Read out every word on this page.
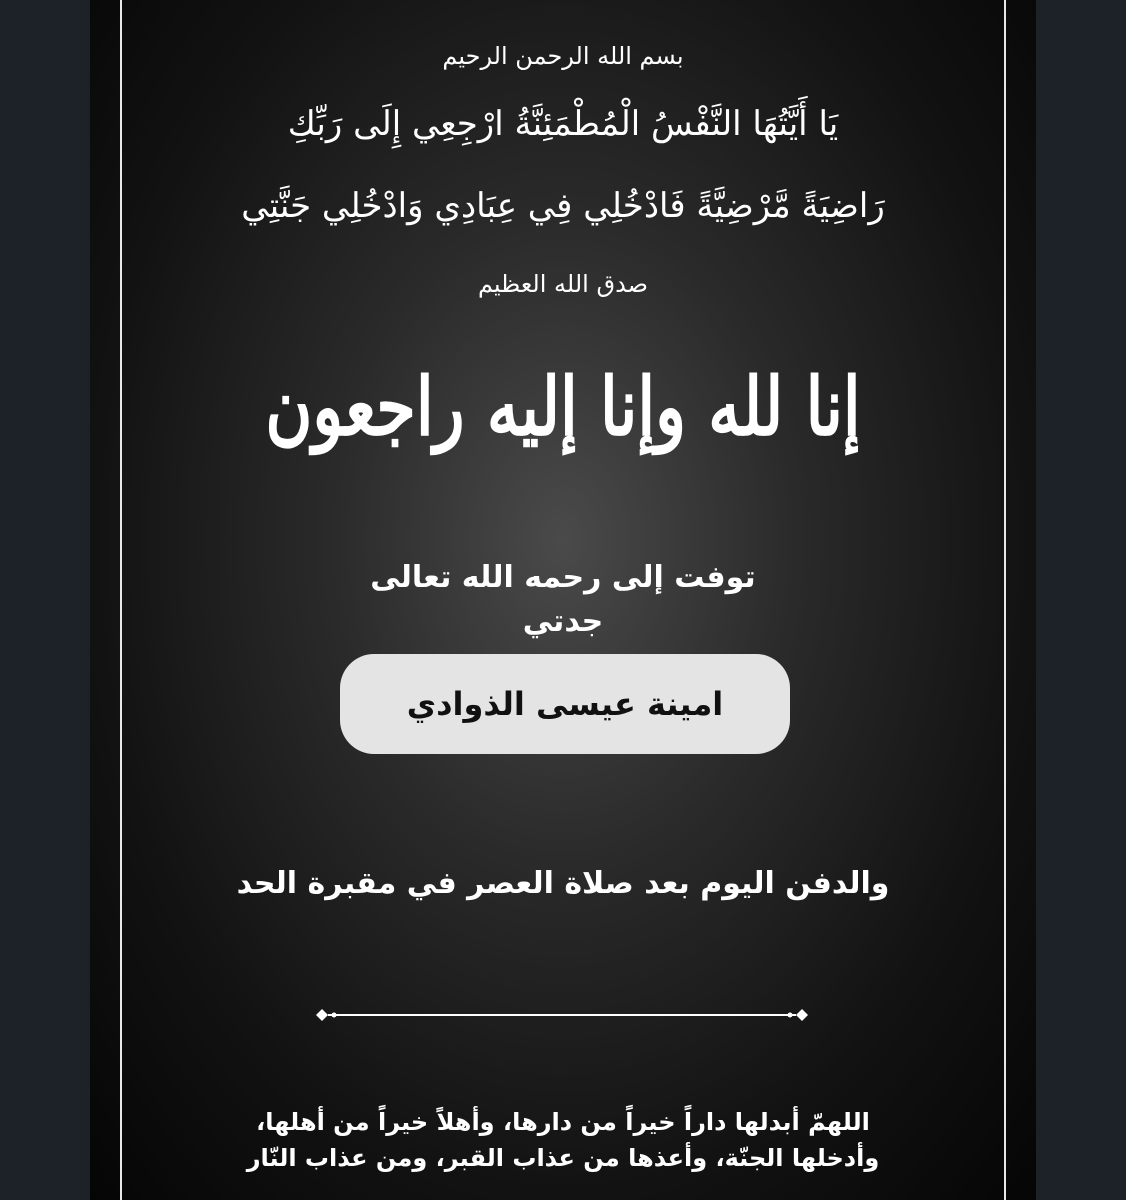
بسم الله الرحمن الرحيم
يَا أَيَّتُهَا النَّفْسُ الْمُطْمَئِنَّةُ ارْجِعِي إِلَى رَبِّكِ
رَاضِيَةً مَّرْضِيَّةً فَادْخُلِي فِي عِبَادِي وَادْخُلِي جَنَّتِي
صدق الله العظيم
إنا لله وإنا إليه راجعون
توفت إلى رحمه الله تعالى
جدتي
امينة عيسى الذوادي
والدفن اليوم بعد صلاة العصر في مقبرة الحد
اللهمّ أبدلها داراً خيراً من دارها، وأهلاً خيراً من أهلها،
وأدخلها الجنّة، وأعذها من عذاب القبر، ومن عذاب النّار
